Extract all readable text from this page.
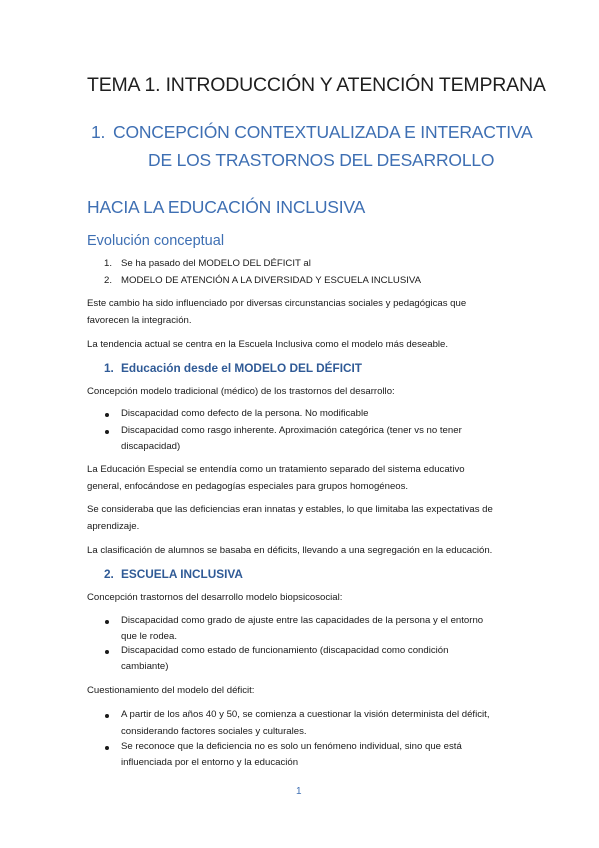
TEMA 1. INTRODUCCIÓN Y ATENCIÓN TEMPRANA
1. CONCEPCIÓN CONTEXTUALIZADA E INTERACTIVA
DE LOS TRASTORNOS DEL DESARROLLO
HACIA LA EDUCACIÓN INCLUSIVA
Evolución conceptual
1. Se ha pasado del MODELO DEL DÉFICIT al
2. MODELO DE ATENCIÓN A LA DIVERSIDAD Y ESCUELA INCLUSIVA
Este cambio ha sido influenciado por diversas circunstancias sociales y pedagógicas que
favorecen la integración.
La tendencia actual se centra en la Escuela Inclusiva como el modelo más deseable.
1. Educación desde el MODELO DEL DÉFICIT
Concepción modelo tradicional (médico) de los trastornos del desarrollo:
Discapacidad como defecto de la persona. No modificable
Discapacidad como rasgo inherente. Aproximación categórica (tener vs no tener
discapacidad)
La Educación Especial se entendía como un tratamiento separado del sistema educativo
general, enfocándose en pedagogías especiales para grupos homogéneos.
Se consideraba que las deficiencias eran innatas y estables, lo que limitaba las expectativas de
aprendizaje.
La clasificación de alumnos se basaba en déficits, llevando a una segregación en la educación.
2. ESCUELA INCLUSIVA
Concepción trastornos del desarrollo modelo biopsicosocial:
Discapacidad como grado de ajuste entre las capacidades de la persona y el entorno
que le rodea.
Discapacidad como estado de funcionamiento (discapacidad como condición
cambiante)
Cuestionamiento del modelo del déficit:
A partir de los años 40 y 50, se comienza a cuestionar la visión determinista del déficit,
considerando factores sociales y culturales.
Se reconoce que la deficiencia no es solo un fenómeno individual, sino que está
influenciada por el entorno y la educación
1
